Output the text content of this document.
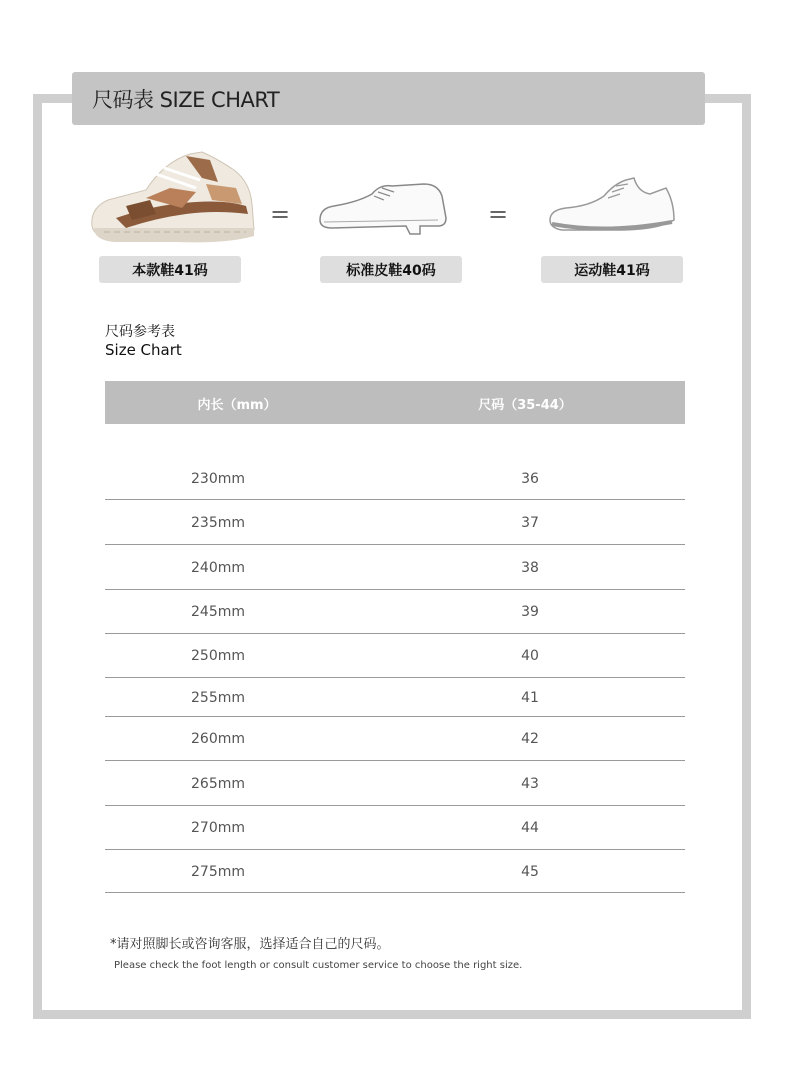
尺码表 SIZE CHART
=	=
本款鞋41码	标准皮鞋40码	运动鞋41码
尺码参考表
Size Chart
内长（mm）	尺码（35-44）
230mm	36
235mm	37
240mm	38
245mm	39
250mm	40
255mm	41
260mm	42
265mm	43
270mm	44
275mm	45
*请对照脚长或咨询客服，选择适合自己的尺码。
Please check the foot length or consult customer service to choose the right size.
